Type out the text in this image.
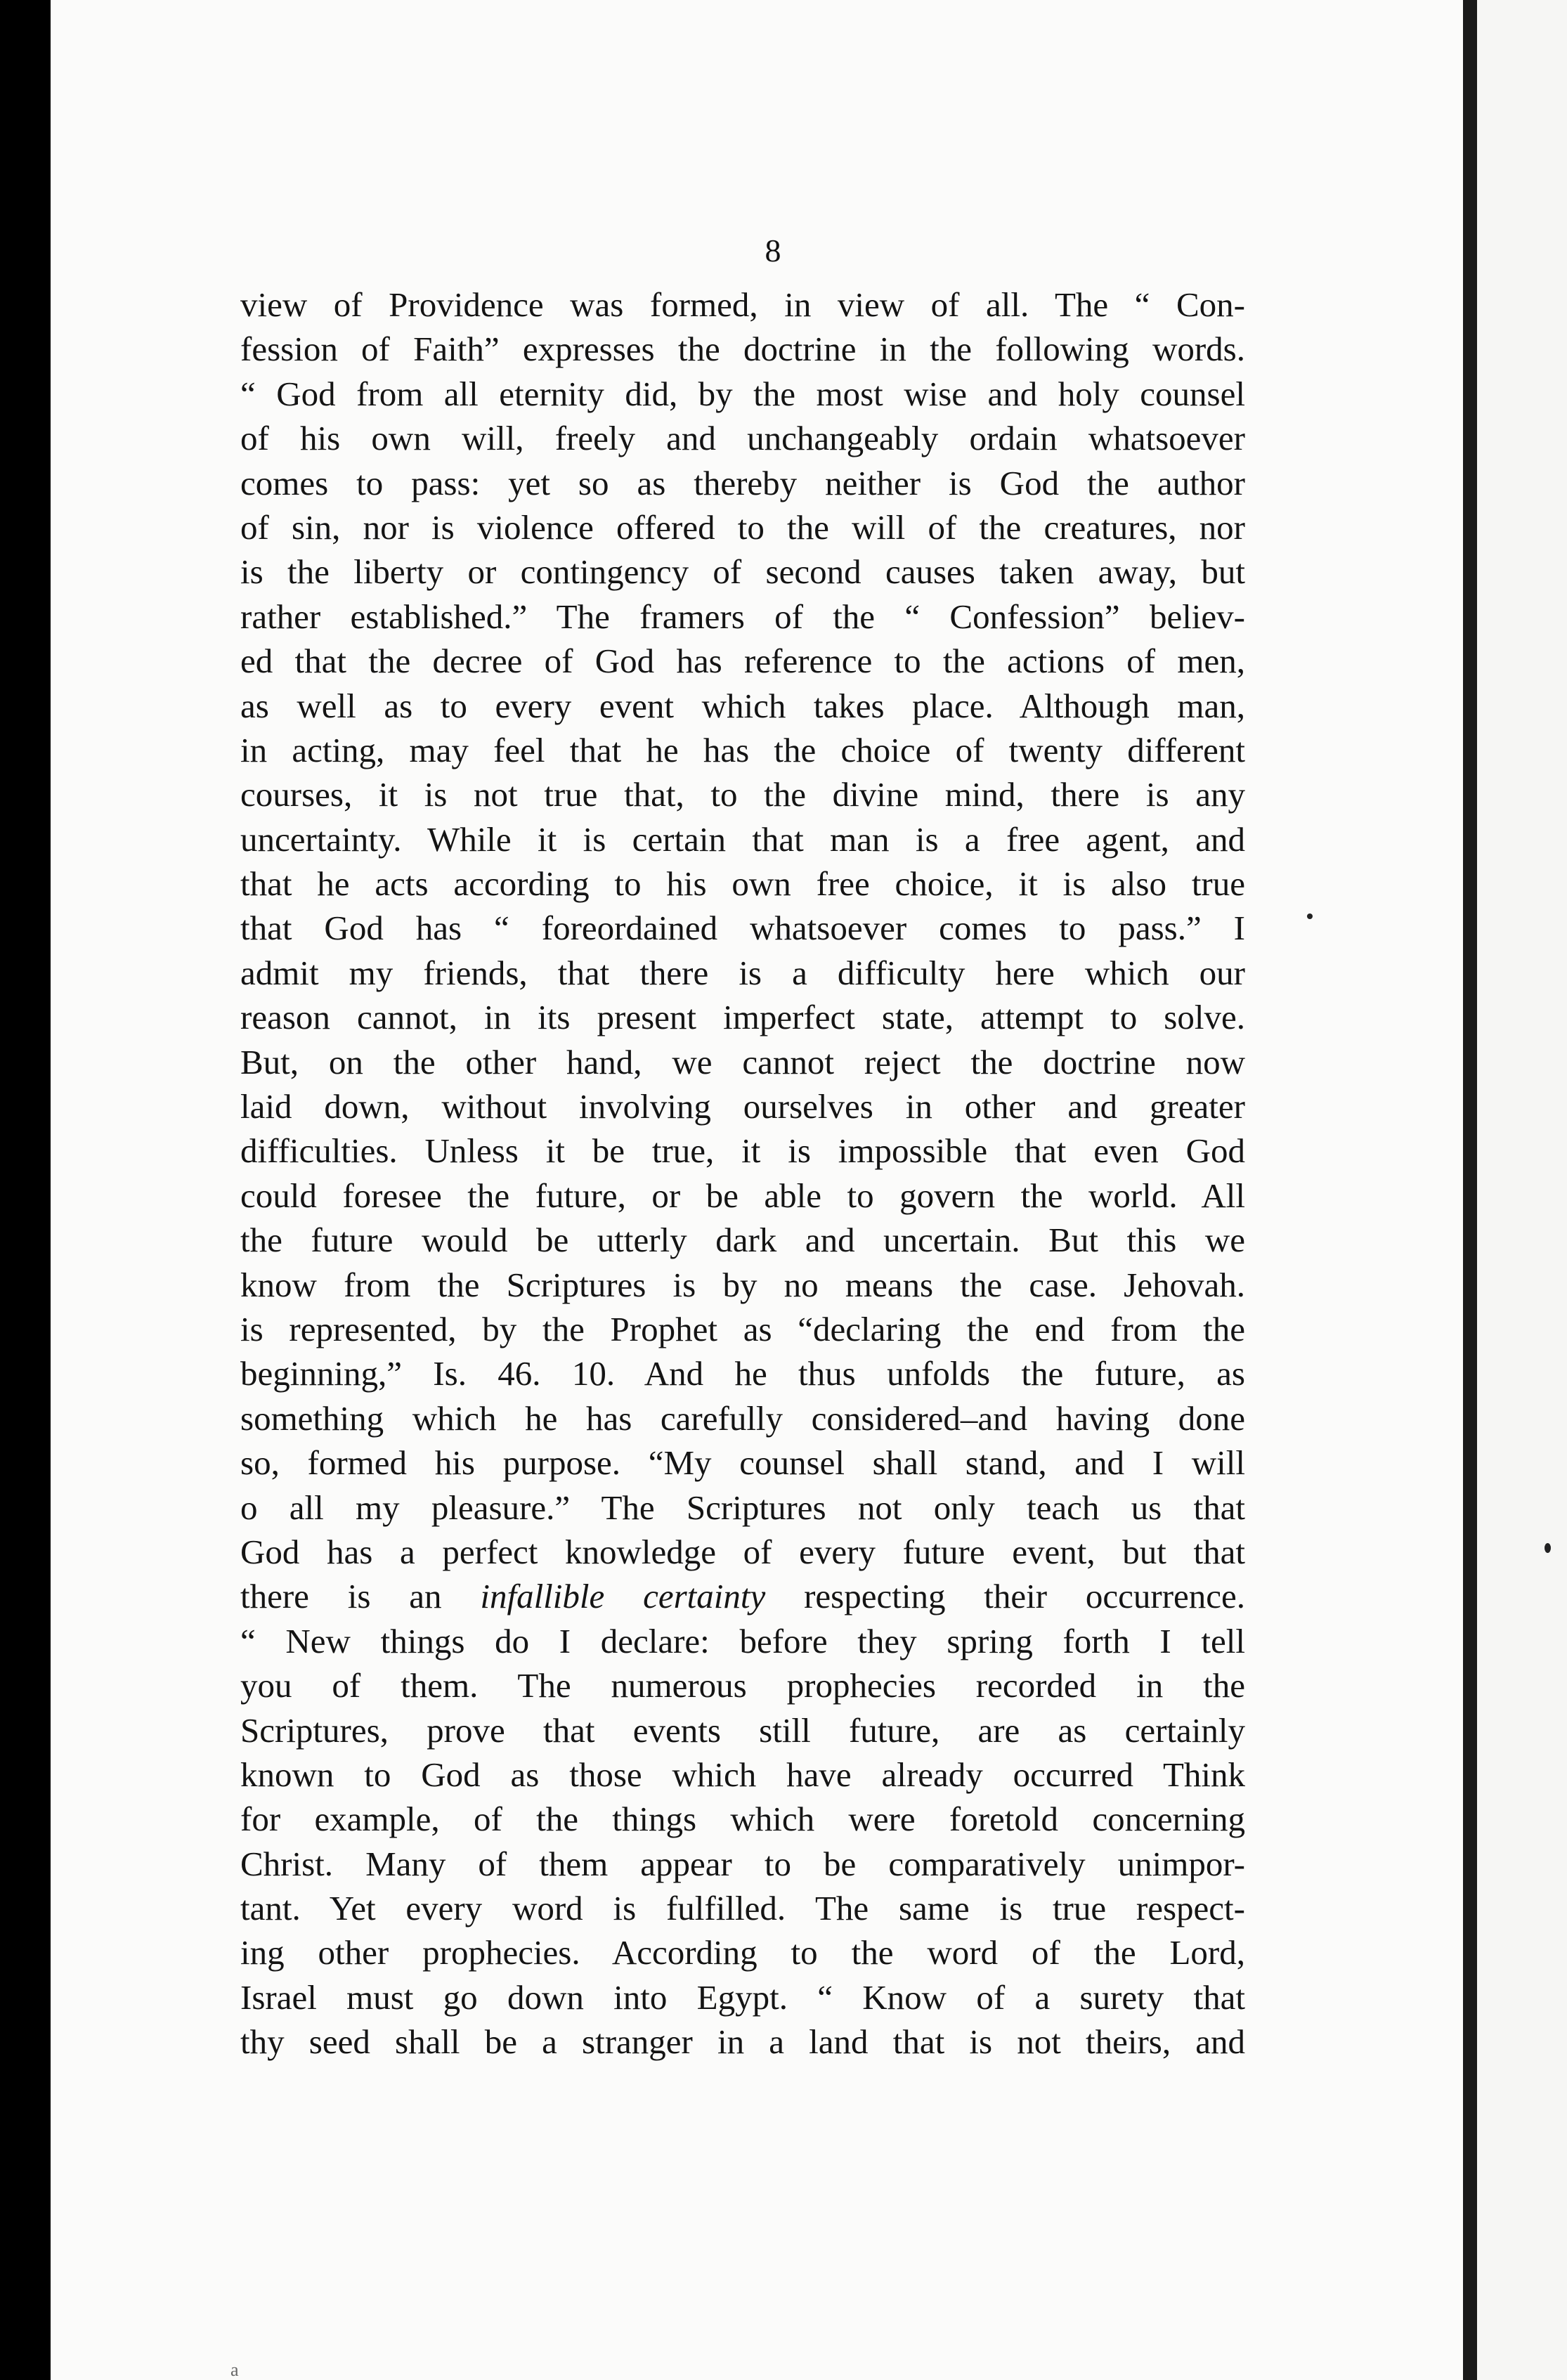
8
view of Providence was formed, in view of all. The “ Con-
fession of Faith” expresses the doctrine in the following words.
“ God from all eternity did, by the most wise and holy counsel
of his own will, freely and unchangeably ordain whatsoever
comes to pass: yet so as thereby neither is God the author
of sin, nor is violence offered to the will of the creatures, nor
is the liberty or contingency of second causes taken away, but
rather established.” The framers of the “ Confession” believ-
ed that the decree of God has reference to the actions of men,
as well as to every event which takes place. Although man,
in acting, may feel that he has the choice of twenty different
courses, it is not true that, to the divine mind, there is any
uncertainty. While it is certain that man is a free agent, and
that he acts according to his own free choice, it is also true
that God has “ foreordained whatsoever comes to pass.” I
admit my friends, that there is a difficulty here which our
reason cannot, in its present imperfect state, attempt to solve.
But, on the other hand, we cannot reject the doctrine now
laid down, without involving ourselves in other and greater
difficulties. Unless it be true, it is impossible that even God
could foresee the future, or be able to govern the world. All
the future would be utterly dark and uncertain. But this we
know from the Scriptures is by no means the case. Jehovah.
is represented, by the Prophet as “declaring the end from the
beginning,” Is. 46. 10. And he thus unfolds the future, as
something which he has carefully considered–and having done
so, formed his purpose. “My counsel shall stand, and I will
o all my pleasure.” The Scriptures not only teach us that
God has a perfect knowledge of every future event, but that
there is an infallible certainty respecting their occurrence.
“ New things do I declare: before they spring forth I tell
you of them. The numerous prophecies recorded in the
Scriptures, prove that events still future, are as certainly
known to God as those which have already occurred Think
for example, of the things which were foretold concerning
Christ. Many of them appear to be comparatively unimpor-
tant. Yet every word is fulfilled. The same is true respect-
ing other prophecies. According to the word of the Lord,
Israel must go down into Egypt. “ Know of a surety that
thy seed shall be a stranger in a land that is not theirs, and
a
